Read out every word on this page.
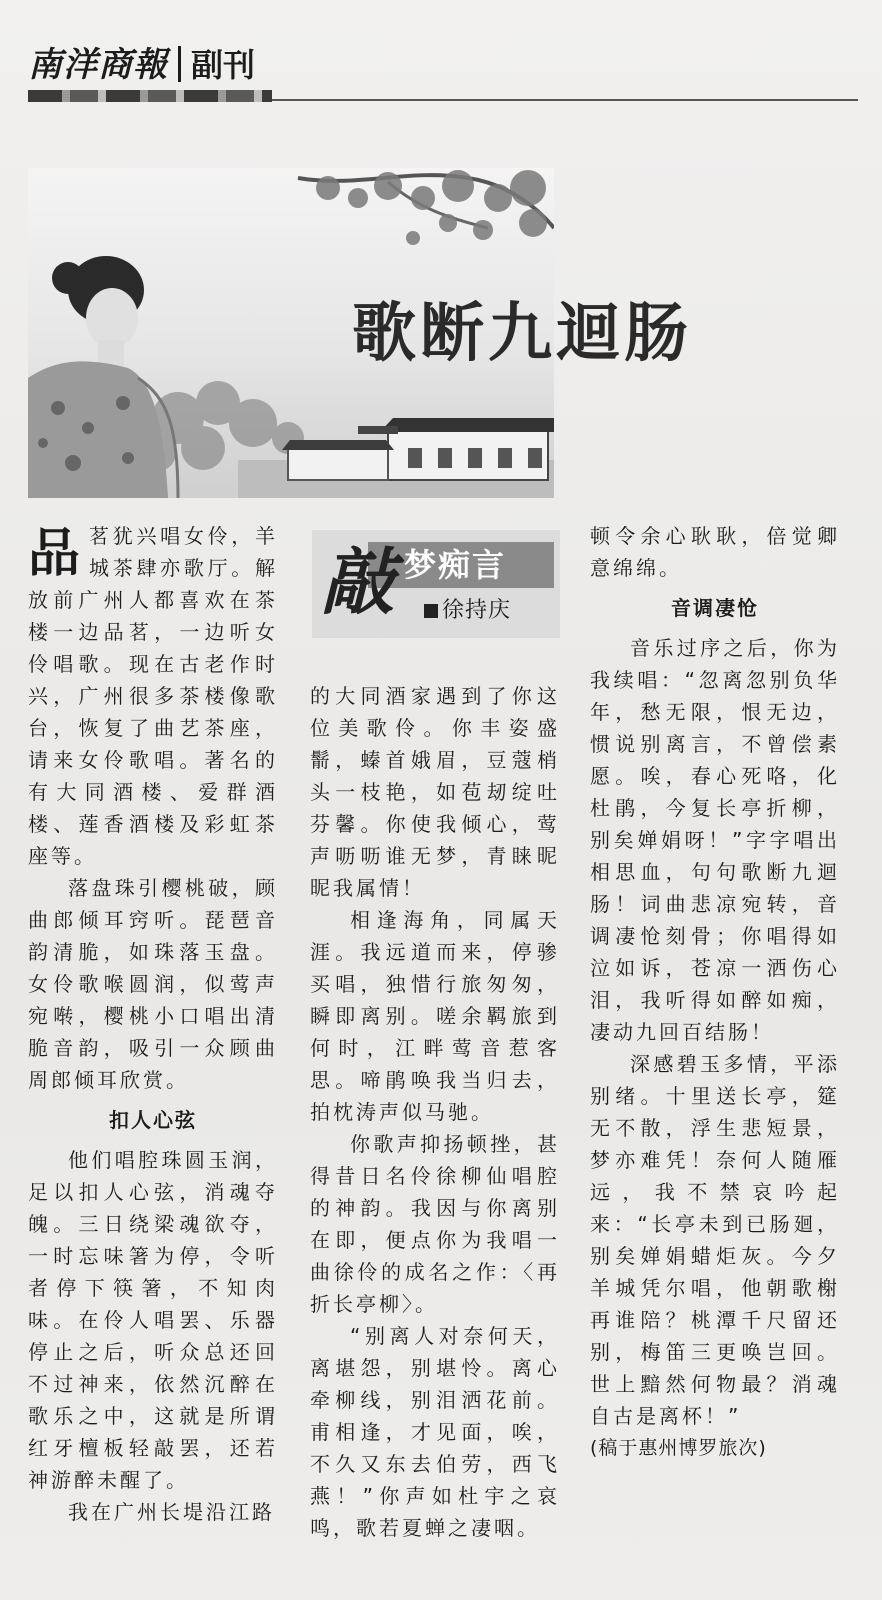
南洋商報 副刊
歌断九迴肠
敲 梦痴言
徐持庆

品茗犹兴唱女伶，羊城茶肆亦歌厅。解放前广州人都喜欢在茶楼一边品茗，一边听女伶唱歌。现在古老作时兴，广州很多茶楼像歌台，恢复了曲艺茶座，请来女伶歌唱。著名的有大同酒楼、爱群酒楼、莲香酒楼及彩虹茶座等。

落盘珠引樱桃破，顾曲郎倾耳窍听。琵琶音韵清脆，如珠落玉盘。女伶歌喉圆润，似莺声宛啭，樱桃小口唱出清脆音韵，吸引一众顾曲周郎倾耳欣赏。

扣人心弦

他们唱腔珠圆玉润，足以扣人心弦，消魂夺魄。三日绕梁魂欲夺，一时忘味箸为停，令听者停下筷箸，不知肉味。在伶人唱罢、乐器停止之后，听众总还回不过神来，依然沉醉在歌乐之中，这就是所谓红牙檀板轻敲罢，还若神游醉未醒了。

我在广州长堤沿江路

的大同酒家遇到了你这位美歌伶。你丰姿盛鬋，螓首娥眉，豆蔻梢头一枝艳，如苞刼绽吐芬馨。你使我倾心，莺声呖呖谁无梦，青睐昵昵我属情！

相逢海角，同属天涯。我远道而来，停骖买唱，独惜行旅匆匆，瞬即离别。嗟余羁旅到何时，江畔莺音惹客思。啼鹃唤我当归去，拍枕涛声似马驰。

你歌声抑扬顿挫，甚得昔日名伶徐柳仙唱腔的神韵。我因与你离别在即，便点你为我唱一曲徐伶的成名之作：〈再折长亭柳〉。

“别离人对奈何天，离堪怨，别堪怜。离心牵柳线，别泪洒花前。甫相逢，才见面，唉，不久又东去伯劳，西飞燕！”你声如杜宇之哀鸣，歌若夏蝉之凄咽。

顿令余心耿耿，倍觉卿意绵绵。

音调凄怆

音乐过序之后，你为我续唱：“忽离忽别负华年，愁无限，恨无边，惯说别离言，不曾偿素愿。唉，春心死咯，化杜鹃，今复长亭折柳，别矣婵娟呀！”字字唱出相思血，句句歌断九迴肠！词曲悲凉宛转，音调凄怆刻骨；你唱得如泣如诉，苍凉一洒伤心泪，我听得如醉如痴，凄动九回百结肠！

深感碧玉多情，平添别绪。十里送长亭，筵无不散，浮生悲短景，梦亦难凭！奈何人随雁远，我不禁哀吟起来：“长亭未到已肠廻，别矣婵娟蜡炬灰。今夕羊城凭尔唱，他朝歌榭再谁陪？桃潭千尺留还别，梅笛三更唤岂回。世上黯然何物最？消魂自古是离杯！”

(稿于惠州博罗旅次)
